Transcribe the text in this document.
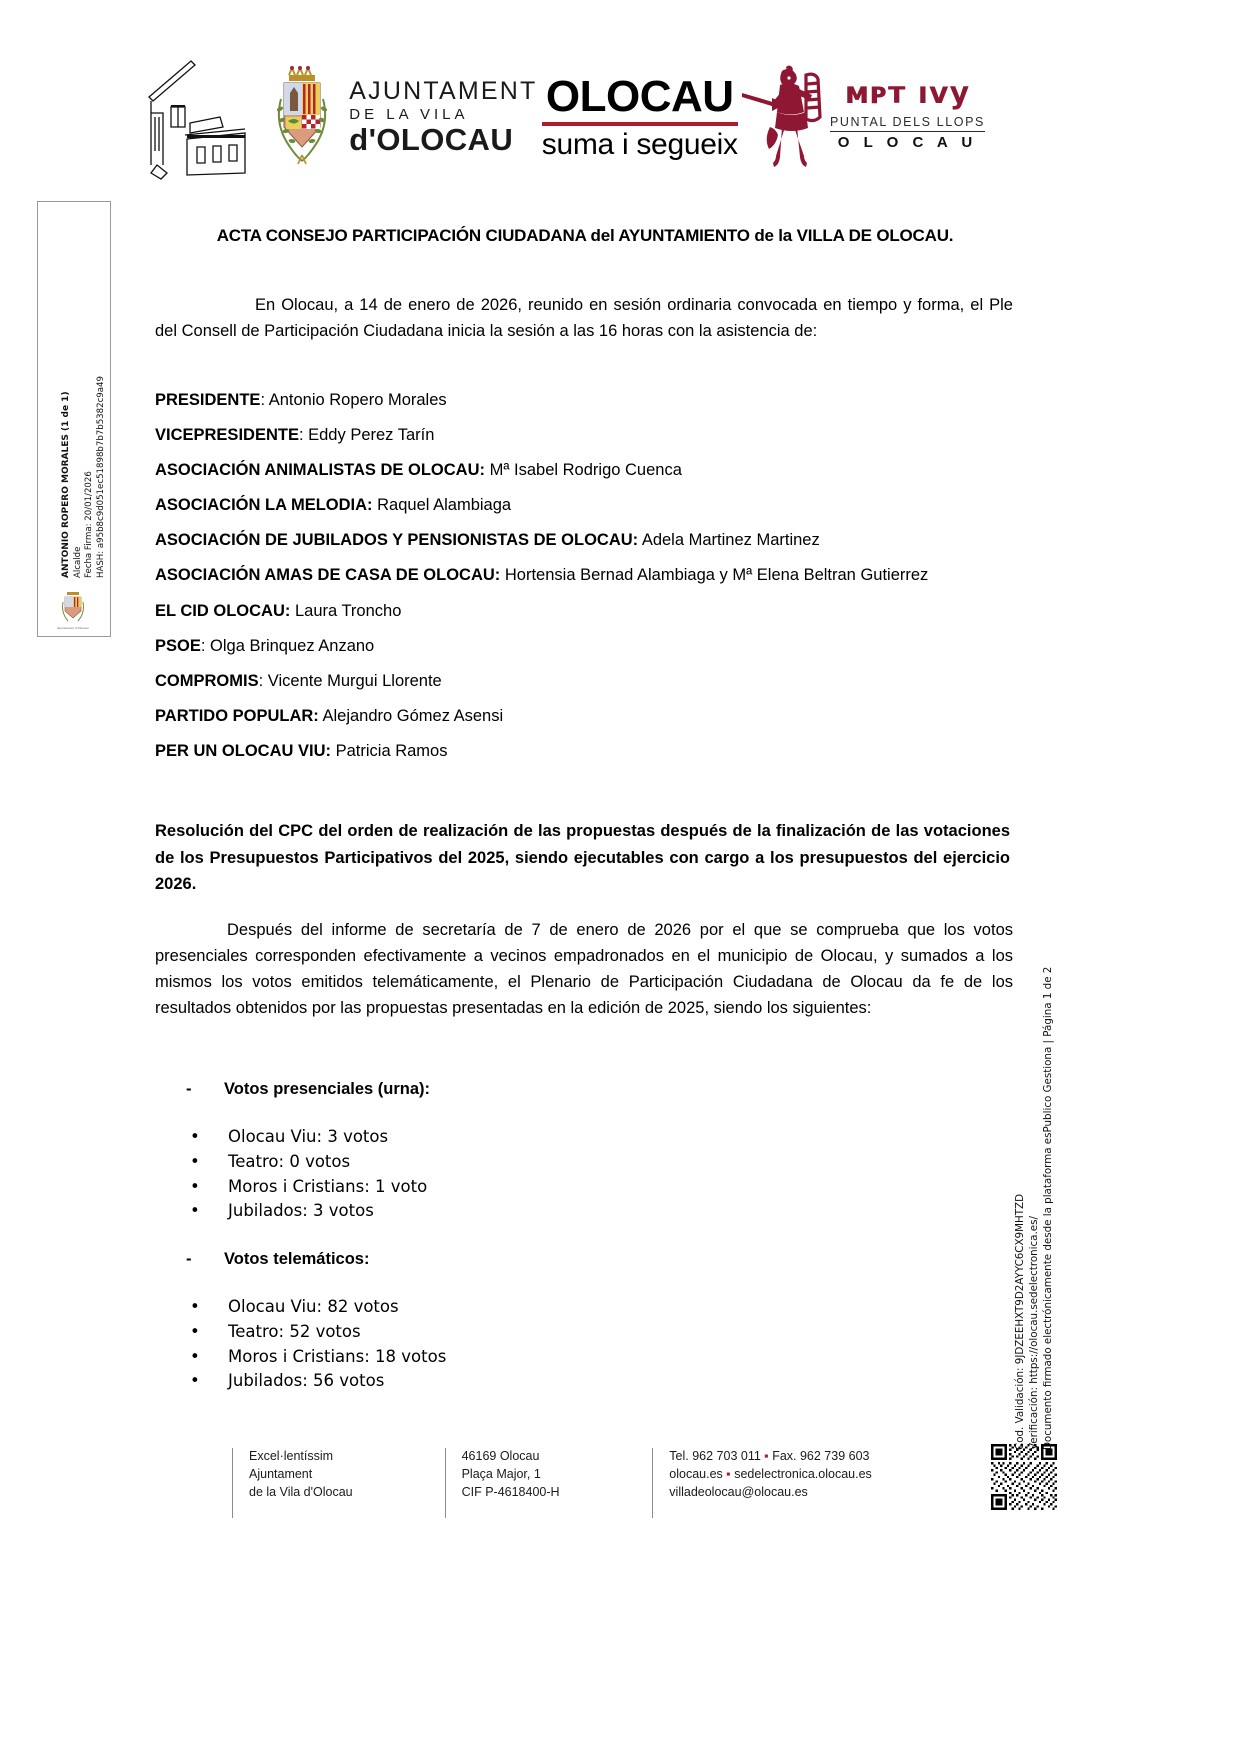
AJUNTAMENT
DE LA VILA
d'OLOCAU
OLOCAU
suma i segueix
ᴍᴘᴛ ıvy
PUNTAL DELS LLOPS
O L O C A U
ANTONIO ROPERO MORALES (1 de 1) Alcalde Fecha Firma: 20/01/2026 HASH: a95b8c9d051ec51898b7b7b5382c9a49
Ajuntament d'Olocau
ACTA CONSEJO PARTICIPACIÓN CIUDADANA del AYUNTAMIENTO de la VILLA DE OLOCAU.
En Olocau, a 14 de enero de 2026, reunido en sesión ordinaria convocada en tiempo y forma, el Ple del Consell de Participación Ciudadana inicia la sesión a las 16 horas con la asistencia de:
PRESIDENTE: Antonio Ropero Morales
VICEPRESIDENTE: Eddy Perez Tarín
ASOCIACIÓN ANIMALISTAS DE OLOCAU: Mª Isabel Rodrigo Cuenca
ASOCIACIÓN LA MELODIA: Raquel Alambiaga
ASOCIACIÓN DE JUBILADOS Y PENSIONISTAS DE OLOCAU: Adela Martinez Martinez
ASOCIACIÓN AMAS DE CASA DE OLOCAU: Hortensia Bernad Alambiaga y Mª Elena Beltran Gutierrez
EL CID OLOCAU: Laura Troncho
PSOE: Olga Brinquez Anzano
COMPROMIS: Vicente Murgui Llorente
PARTIDO POPULAR: Alejandro Gómez Asensi
PER UN OLOCAU VIU: Patricia Ramos
Resolución del CPC del orden de realización de las propuestas después de la finalización de las votaciones de los Presupuestos Participativos del 2025, siendo ejecutables con cargo a los presupuestos del ejercicio 2026.
Después del informe de secretaría de 7 de enero de 2026 por el que se comprueba que los votos presenciales corresponden efectivamente a vecinos empadronados en el municipio de Olocau, y sumados a los mismos los votos emitidos telemáticamente, el Plenario de Participación Ciudadana de Olocau da fe de los resultados obtenidos por las propuestas presentadas en la edición de 2025, siendo los siguientes:
-	Votos presenciales (urna):
•	Olocau Viu: 3 votos
•	Teatro: 0 votos
•	Moros i Cristians: 1 voto
•	Jubilados: 3 votos
-	Votos telemáticos:
•	Olocau Viu: 82 votos
•	Teatro: 52 votos
•	Moros i Cristians: 18 votos
•	Jubilados: 56 votos
Excel·lentíssim
Ajuntament
de la Vila d'Olocau
46169 Olocau
Plaça Major, 1
CIF P-4618400-H
Tel. 962 703 011 ▪ Fax. 962 739 603
olocau.es ▪ sedelectronica.olocau.es
villadeolocau@olocau.es
Cod. Validación: 9JDZEEHXT9D2AYYC6CX9MHTZD Verificación: https://olocau.sedelectronica.es/ Documento firmado electrónicamente desde la plataforma esPublico Gestiona | Página 1 de 2
